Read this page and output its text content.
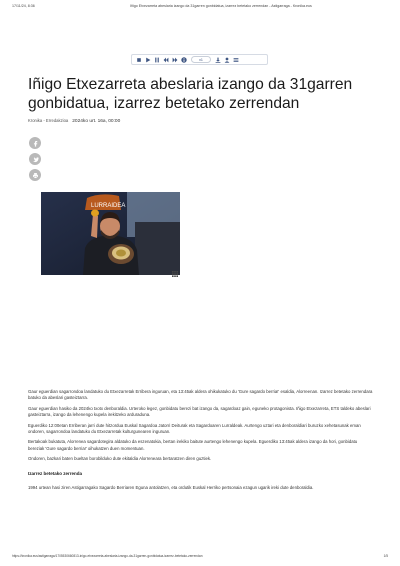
17/11/24, 8:36	Iñigo Etxezarreta abeslaria izango da 31garren gonbidatua, izarrez betetako zerrendan - Astigarraga - Kronika.eus
x1
Iñigo Etxezarreta abeslaria izango da 31garren gonbidatua, izarrez betetako zerrendan
Kronika - Erredakzioa 2024ko urt. 16a, 00:00
LURRAIDEA

Gaur eguerdian sagarrondoa landatuko du Etxezarretak Erribera inguruan, eta 13:45ak aldera ohikukatuko du 'Gure sagardo berria!' esaldia, Alorreenan. Izarrez betetako zerrendara batuko da abeslari gasteiztarra.

Gaur eguerdian hasiko da 2024ko txotx denboraldia. Urteroko legez, gonbidatu berezi bat izango da, sagardoaz gain, eguneko protagonista. Iñigo Etxezarreta, ETS taldeko abeslari gasteiztarra, izango da lehenengo kupela irekitzeko arduraduna.

Eguerdiko 12:00etan Erriberan jarri dute hitzordua Euskal Sagardoa Jatorri Deiturak eta Sagardoaren Lurraldeak. Aurtengo uztari eta denboraldiari buruzko xehetasunak eman ondoren, sagarrondoa landatuko du Etxezarretak kulturgunearen inguruan.

Bertakoak bukatuta, Alorrenea sagardotegira aldatuko da eszenatokia, bertan irekiko baitute aurtengo lehenengo kupela. Eguerdiko 13:45ak aldera izango da hori, gonbidatu bereziak 'Gure sagardo berria!' oihukatzen duen momentuan.

Ondoren, bazkari baten bueltan borobilduko dute ekitaldia Alorreneara bertaratzen diren guztiek.

Izarrez betetako zerrenda

1994 urtean hasi ziren Astigarragako Sagardo Berriaren Eguna antolatzen, eta ordutik Euskal Herriko pertsonaia ezagun ugarik ireki dute denboraldia.

https://kronika.eus/astigarraga/1705530660813-inigo-etxezarreta-abeslaria-izango-da-31garren-gonbidatua-izarrez-betetako-zerrendan	1/5
